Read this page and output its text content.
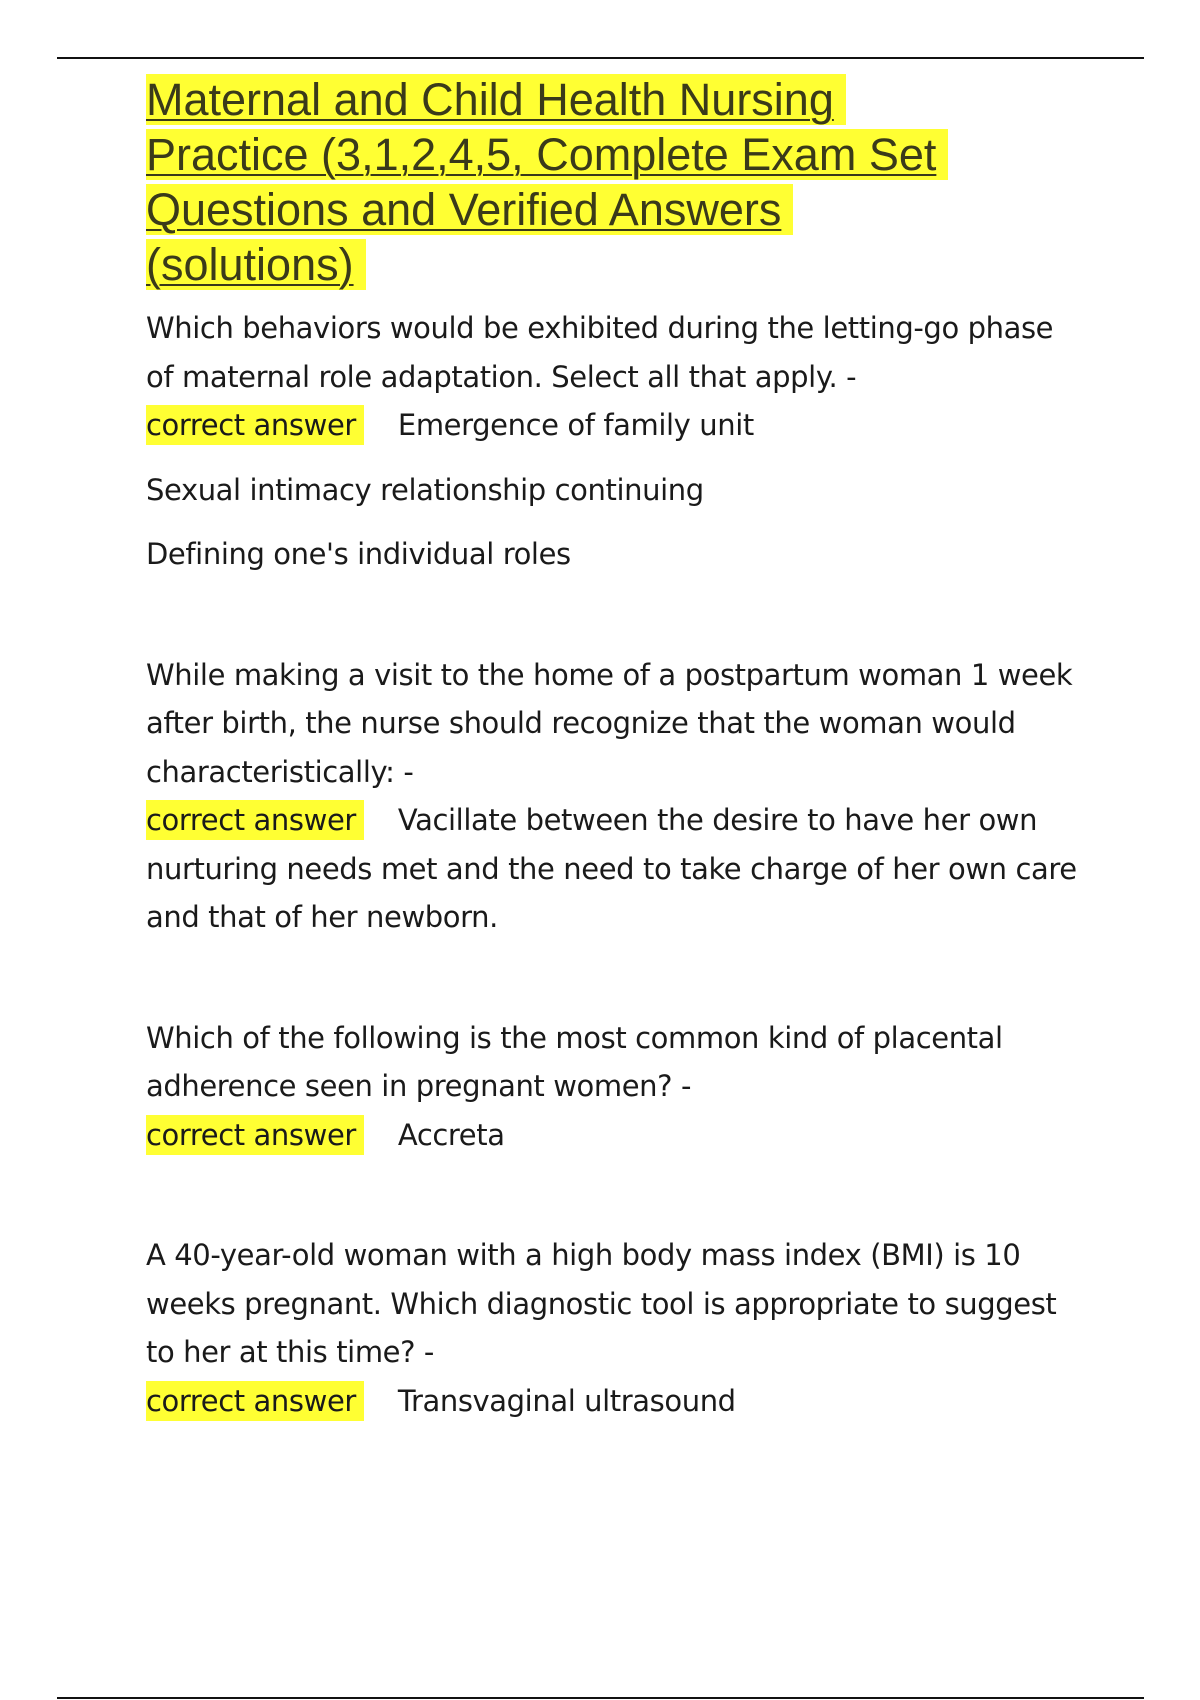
Maternal and Child Health Nursing
Practice (3,1,2,4,5, Complete Exam Set
Questions and Verified Answers
(solutions)

Which behaviors would be exhibited during the letting-go phase of maternal role adaptation. Select all that apply. -

correct answer Emergence of family unit

Sexual intimacy relationship continuing

Defining one's individual roles

While making a visit to the home of a postpartum woman 1 week after birth, the nurse should recognize that the woman would characteristically: -

correct answer Vacillate between the desire to have her own nurturing needs met and the need to take charge of her own care and that of her newborn.

Which of the following is the most common kind of placental adherence seen in pregnant women? -

correct answer Accreta

A 40-year-old woman with a high body mass index (BMI) is 10 weeks pregnant. Which diagnostic tool is appropriate to suggest to her at this time? -

correct answer Transvaginal ultrasound
